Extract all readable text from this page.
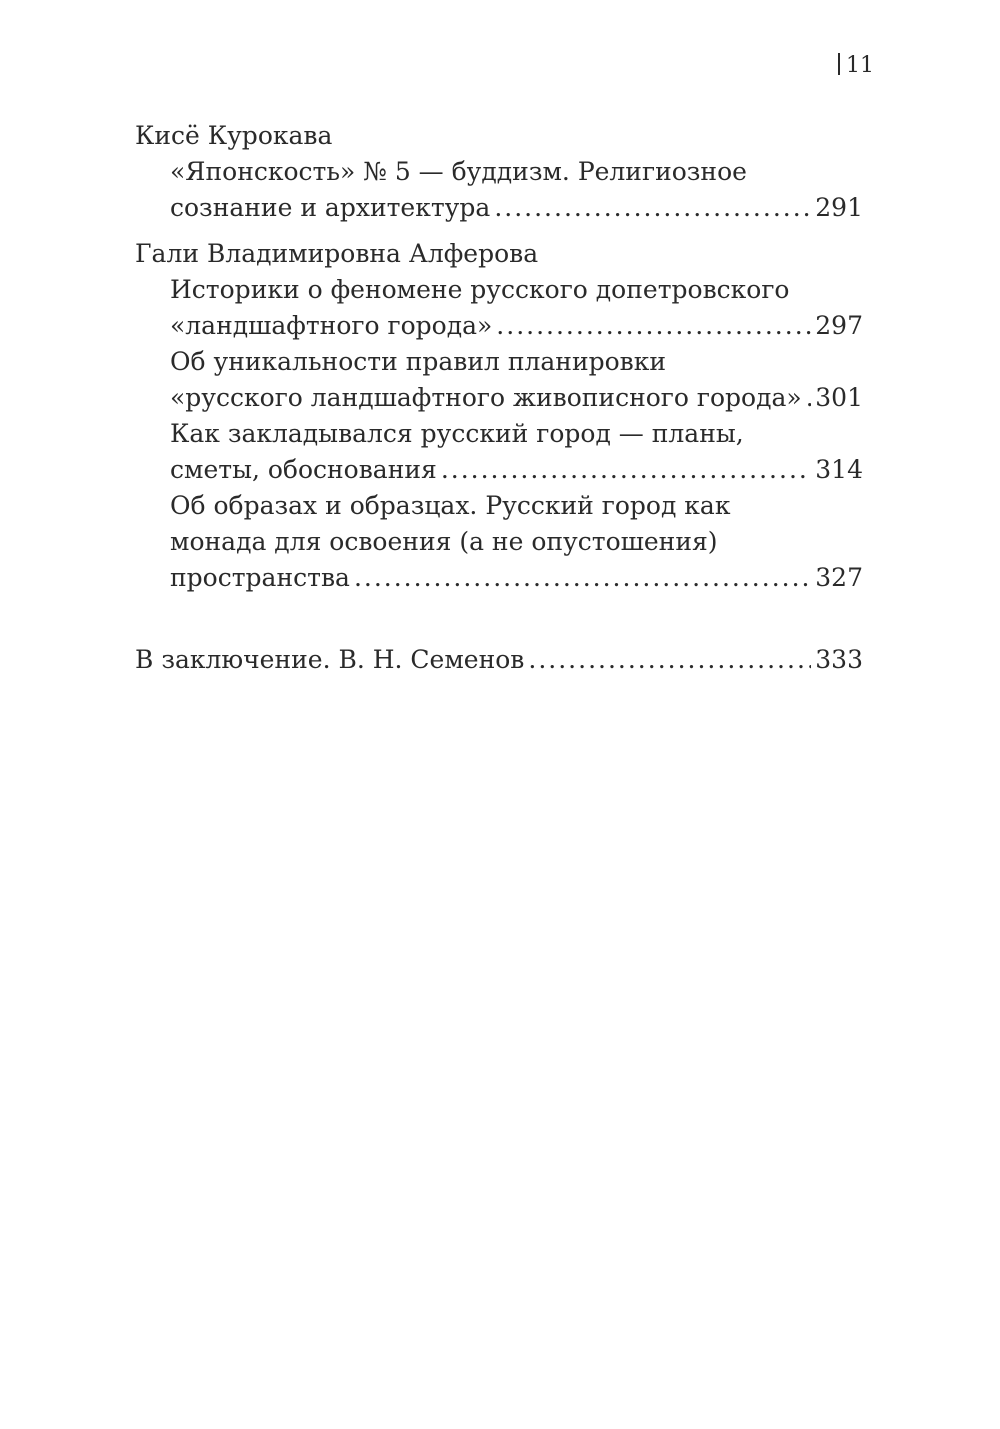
11
Кисё Курокава
«Японскость» № 5 — буддизм. Религиозное
сознание и архитектура .....	291
Гали Владимировна Алферова
Историки о феномене русского допетровского
«ландшафтного города» .....	297
Об уникальности правил планировки
«русского ландшафтного живописного города» ..... 301
Как закладывался русский город — планы,
сметы, обоснования .....	314
Об образах и образцах. Русский город как
монада для освоения (а не опустошения)
пространства .....	327
В заключение. В. Н. Семенов .....	333
